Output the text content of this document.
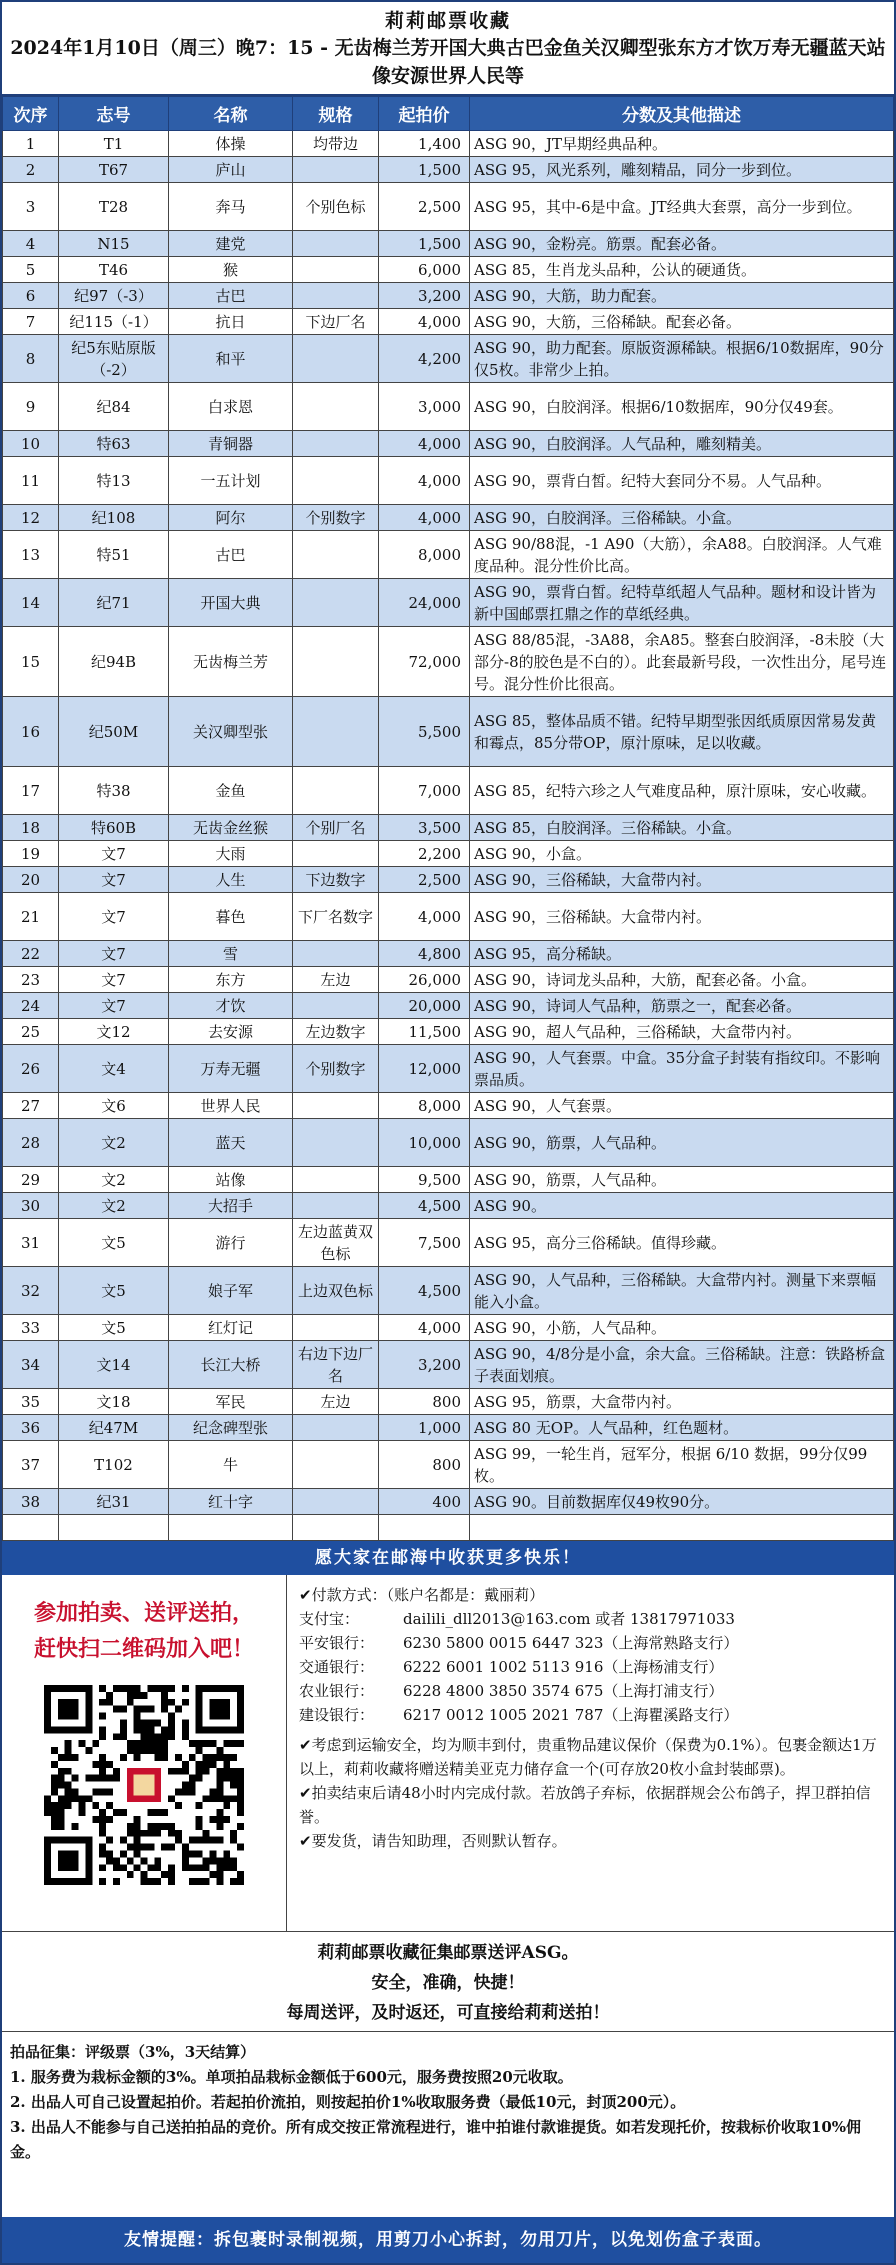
莉莉邮票收藏
2024年1月10日（周三）晚7：15 - 无齿梅兰芳开国大典古巴金鱼关汉卿型张东方才饮万寿无疆蓝天站像安源世界人民等
次序	志号	名称	规格	起拍价	分数及其他描述
1	T1	体操	均带边	1,400	ASG 90，JT早期经典品种。
2	T67	庐山		1,500	ASG 95，风光系列，雕刻精品，同分一步到位。
3	T28	奔马	个别色标	2,500	ASG 95，其中-6是中盒。JT经典大套票，高分一步到位。
4	N15	建党		1,500	ASG 90，金粉亮。筋票。配套必备。
5	T46	猴		6,000	ASG 85，生肖龙头品种，公认的硬通货。
6	纪97（-3）	古巴		3,200	ASG 90，大筋，助力配套。
7	纪115（-1）	抗日	下边厂名	4,000	ASG 90，大筋，三俗稀缺。配套必备。
8	纪5东贴原版（-2）	和平		4,200	ASG 90，助力配套。原版资源稀缺。根据6/10数据库，90分仅5枚。非常少上拍。
9	纪84	白求恩		3,000	ASG 90，白胶润泽。根据6/10数据库，90分仅49套。
10	特63	青铜器		4,000	ASG 90，白胶润泽。人气品种，雕刻精美。
11	特13	一五计划		4,000	ASG 90，票背白皙。纪特大套同分不易。人气品种。
12	纪108	阿尔	个别数字	4,000	ASG 90，白胶润泽。三俗稀缺。小盒。
13	特51	古巴		8,000	ASG 90/88混，-1 A90（大筋），余A88。白胶润泽。人气难度品种。混分性价比高。
14	纪71	开国大典		24,000	ASG 90，票背白皙。纪特草纸超人气品种。题材和设计皆为新中国邮票扛鼎之作的草纸经典。
15	纪94B	无齿梅兰芳		72,000	ASG 88/85混，-3A88，余A85。整套白胶润泽，-8未胶（大部分-8的胶色是不白的）。此套最新号段，一次性出分，尾号连号。混分性价比很高。
16	纪50M	关汉卿型张		5,500	ASG 85，整体品质不错。纪特早期型张因纸质原因常易发黄和霉点，85分带OP，原汁原味，足以收藏。
17	特38	金鱼		7,000	ASG 85，纪特六珍之人气难度品种，原汁原味，安心收藏。
18	特60B	无齿金丝猴	个别厂名	3,500	ASG 85，白胶润泽。三俗稀缺。小盒。
19	文7	大雨		2,200	ASG 90，小盒。
20	文7	人生	下边数字	2,500	ASG 90，三俗稀缺，大盒带内衬。
21	文7	暮色	下厂名数字	4,000	ASG 90，三俗稀缺。大盒带内衬。
22	文7	雪		4,800	ASG 95，高分稀缺。
23	文7	东方	左边	26,000	ASG 90，诗词龙头品种，大筋，配套必备。小盒。
24	文7	才饮		20,000	ASG 90，诗词人气品种，筋票之一，配套必备。
25	文12	去安源	左边数字	11,500	ASG 90，超人气品种，三俗稀缺，大盒带内衬。
26	文4	万寿无疆	个别数字	12,000	ASG 90，人气套票。中盒。35分盒子封装有指纹印。不影响票品质。
27	文6	世界人民		8,000	ASG 90，人气套票。
28	文2	蓝天		10,000	ASG 90，筋票，人气品种。
29	文2	站像		9,500	ASG 90，筋票，人气品种。
30	文2	大招手		4,500	ASG 90。
31	文5	游行	左边蓝黄双色标	7,500	ASG 95，高分三俗稀缺。值得珍藏。
32	文5	娘子军	上边双色标	4,500	ASG 90，人气品种，三俗稀缺。大盒带内衬。测量下来票幅能入小盒。
33	文5	红灯记		4,000	ASG 90，小筋，人气品种。
34	文14	长江大桥	右边下边厂名	3,200	ASG 90，4/8分是小盒，余大盒。三俗稀缺。注意：铁路桥盒子表面划痕。
35	文18	军民	左边	800	ASG 95，筋票，大盒带内衬。
36	纪47M	纪念碑型张		1,000	ASG 80 无OP。人气品种，红色题材。
37	T102	牛		800	ASG 99，一轮生肖，冠军分，根据 6/10 数据，99分仅99枚。
38	纪31	红十字		400	ASG 90。目前数据库仅49枚90分。

愿大家在邮海中收获更多快乐！
参加拍卖、送评送拍，
赶快扫二维码加入吧！
✔付款方式：（账户名都是：戴丽莉）
支付宝：	dailili_dll2013@163.com 或者 13817971033
平安银行： 6230 5800 0015 6447 323（上海常熟路支行）
交通银行： 6222 6001 1002 5113 916（上海杨浦支行）
农业银行： 6228 4800 3850 3574 675（上海打浦支行）
建设银行： 6217 0012 1005 2021 787（上海瞿溪路支行）
✔考虑到运输安全，均为顺丰到付，贵重物品建议保价（保费为0.1%）。包裹金额达1万以上，莉莉收藏将赠送精美亚克力储存盒一个(可存放20枚小盒封装邮票)。
✔拍卖结束后请48小时内完成付款。若放鸽子弃标，依据群规会公布鸽子，捍卫群拍信誉。
✔要发货，请告知助理，否则默认暂存。
莉莉邮票收藏征集邮票送评ASG。
安全，准确，快捷！
每周送评，及时返还，可直接给莉莉送拍！
拍品征集：评级票（3%，3天结算）
1. 服务费为栽标金额的3%。单项拍品栽标金额低于600元，服务费按照20元收取。
2. 出品人可自己设置起拍价。若起拍价流拍，则按起拍价1%收取服务费（最低10元，封顶200元）。
3. 出品人不能参与自己送拍拍品的竞价。所有成交按正常流程进行，谁中拍谁付款谁提货。如若发现托价，按栽标价收取10%佣金。
友情提醒：拆包裹时录制视频，用剪刀小心拆封，勿用刀片，以免划伤盒子表面。
